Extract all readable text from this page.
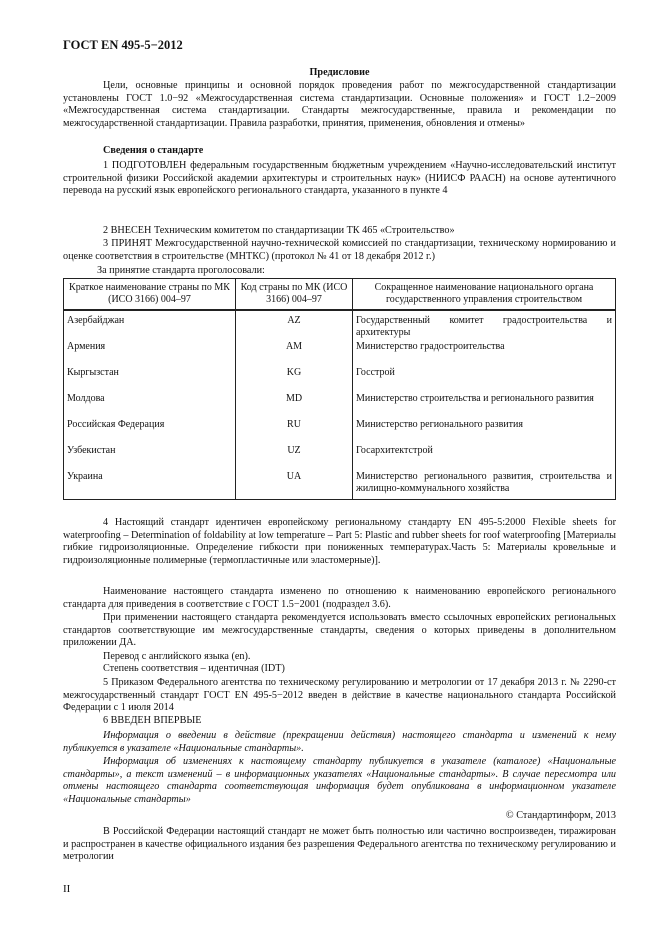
ГОСТ EN 495-5−2012
Предисловие
Цели, основные принципы и основной порядок проведения работ по межгосударственной стандартизации установлены ГОСТ 1.0−92 «Межгосударственная система стандартизации. Основные положения» и ГОСТ 1.2−2009 «Межгосударственная система стандартизации. Стандарты межгосударственные, правила и рекомендации по межгосударственной стандартизации. Правила разработки, принятия, применения, обновления и отмены»
Сведения о стандарте
1 ПОДГОТОВЛЕН федеральным государственным бюджетным учреждением «Научно-исследовательский институт строительной физики Российской академии архитектуры и строительных наук» (НИИСФ РААСН) на основе аутентичного перевода на русский язык европейского регионального стандарта, указанного в пункте 4
2 ВНЕСЕН Техническим комитетом по стандартизации ТК 465 «Строительство»
3 ПРИНЯТ Межгосударственной научно-технической комиссией по стандартизации, техническому нормированию и оценке соответствия в строительстве (МНТКС) (протокол № 41 от 18 декабря 2012 г.)
За принятие стандарта проголосовали:
Краткое наименование страны по МК (ИСО 3166) 004–97	Код страны по МК (ИСО 3166) 004–97	Сокращенное наименование национального органа государственного управления строительством
Азербайджан	AZ	Государственный комитет градостроительства и архитектуры
Армения	AM	Министерство градостроительства
Кыргызстан	KG	Госстрой
Молдова	MD	Министерство строительства и регионального развития
Российская Федерация	RU	Министерство регионального развития
Узбекистан	UZ	Госархитектстрой
Украина	UA	Министерство регионального развития, строительства и жилищно-коммунального хозяйства
4 Настоящий стандарт идентичен европейскому региональному стандарту EN 495-5:2000 Flexible sheets for waterproofing – Determination of foldability at low temperature – Part 5: Plastic and rubber sheets for roof waterproofing [Материалы гибкие гидроизоляционные. Определение гибкости при пониженных температурах.Часть 5: Материалы кровельные и гидроизоляционные полимерные (термопластичные или эластомерные)].
Наименование настоящего стандарта изменено по отношению к наименованию европейского регионального стандарта для приведения в соответствие с ГОСТ 1.5−2001 (подраздел 3.6).
При применении настоящего стандарта рекомендуется использовать вместо ссылочных европейских региональных стандартов соответствующие им межгосударственные стандарты, сведения о которых приведены в дополнительном приложении ДА.
Перевод с английского языка (en).
Степень соответствия – идентичная (IDT)
5 Приказом Федерального агентства по техническому регулированию и метрологии от 17 декабря 2013 г. № 2290-ст межгосударственный стандарт ГОСТ EN 495-5−2012 введен в действие в качестве национального стандарта Российской Федерации с 1 июля 2014
6 ВВЕДЕН ВПЕРВЫЕ
Информация о введении в действие (прекращении действия) настоящего стандарта и изменений к нему публикуется в указателе «Национальные стандарты».
Информация об изменениях к настоящему стандарту публикуется в указателе (каталоге) «Национальные стандарты», а текст изменений – в информационных указателях «Национальные стандарты». В случае пересмотра или отмены настоящего стандарта соответствующая информация будет опубликована в информационном указателе «Национальные стандарты»
© Стандартинформ, 2013
В Российской Федерации настоящий стандарт не может быть полностью или частично воспроизведен, тиражирован и распространен в качестве официального издания без разрешения Федерального агентства по техническому регулированию и метрологии
II
